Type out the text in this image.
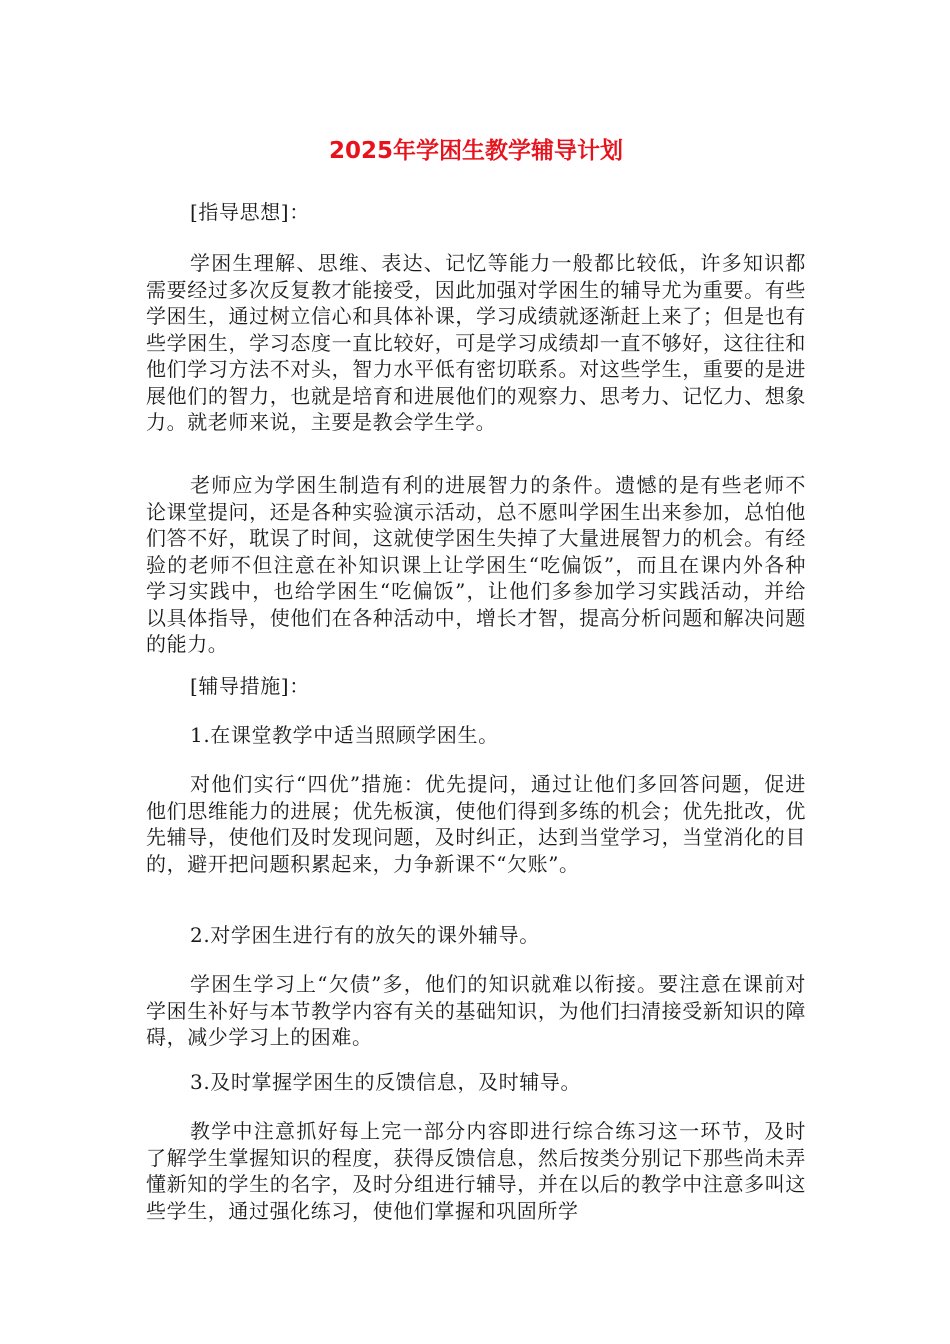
2025年学困生教学辅导计划

[指导思想]：

学困生理解、思维、表达、记忆等能力一般都比较低，许多知识都需要经过多次反复教才能接受，因此加强对学困生的辅导尤为重要。有些学困生，通过树立信心和具体补课，学习成绩就逐渐赶上来了；但是也有些学困生，学习态度一直比较好，可是学习成绩却一直不够好，这往往和他们学习方法不对头，智力水平低有密切联系。对这些学生，重要的是进展他们的智力，也就是培育和进展他们的观察力、思考力、记忆力、想象力。就老师来说，主要是教会学生学。

老师应为学困生制造有利的进展智力的条件。遗憾的是有些老师不论课堂提问，还是各种实验演示活动，总不愿叫学困生出来参加，总怕他们答不好，耽误了时间，这就使学困生失掉了大量进展智力的机会。有经验的老师不但注意在补知识课上让学困生“吃偏饭”，而且在课内外各种学习实践中，也给学困生“吃偏饭”，让他们多参加学习实践活动，并给以具体指导，使他们在各种活动中，增长才智，提高分析问题和解决问题的能力。

[辅导措施]：

1.在课堂教学中适当照顾学困生。

对他们实行“四优”措施：优先提问，通过让他们多回答问题，促进他们思维能力的进展；优先板演，使他们得到多练的机会；优先批改，优先辅导，使他们及时发现问题，及时纠正，达到当堂学习，当堂消化的目的，避开把问题积累起来，力争新课不“欠账”。

2.对学困生进行有的放矢的课外辅导。

学困生学习上“欠债”多，他们的知识就难以衔接。要注意在课前对学困生补好与本节教学内容有关的基础知识，为他们扫清接受新知识的障碍，减少学习上的困难。

3.及时掌握学困生的反馈信息，及时辅导。

教学中注意抓好每上完一部分内容即进行综合练习这一环节，及时了解学生掌握知识的程度，获得反馈信息，然后按类分别记下那些尚未弄懂新知的学生的名字，及时分组进行辅导，并在以后的教学中注意多叫这些学生，通过强化练习，使他们掌握和巩固所学
